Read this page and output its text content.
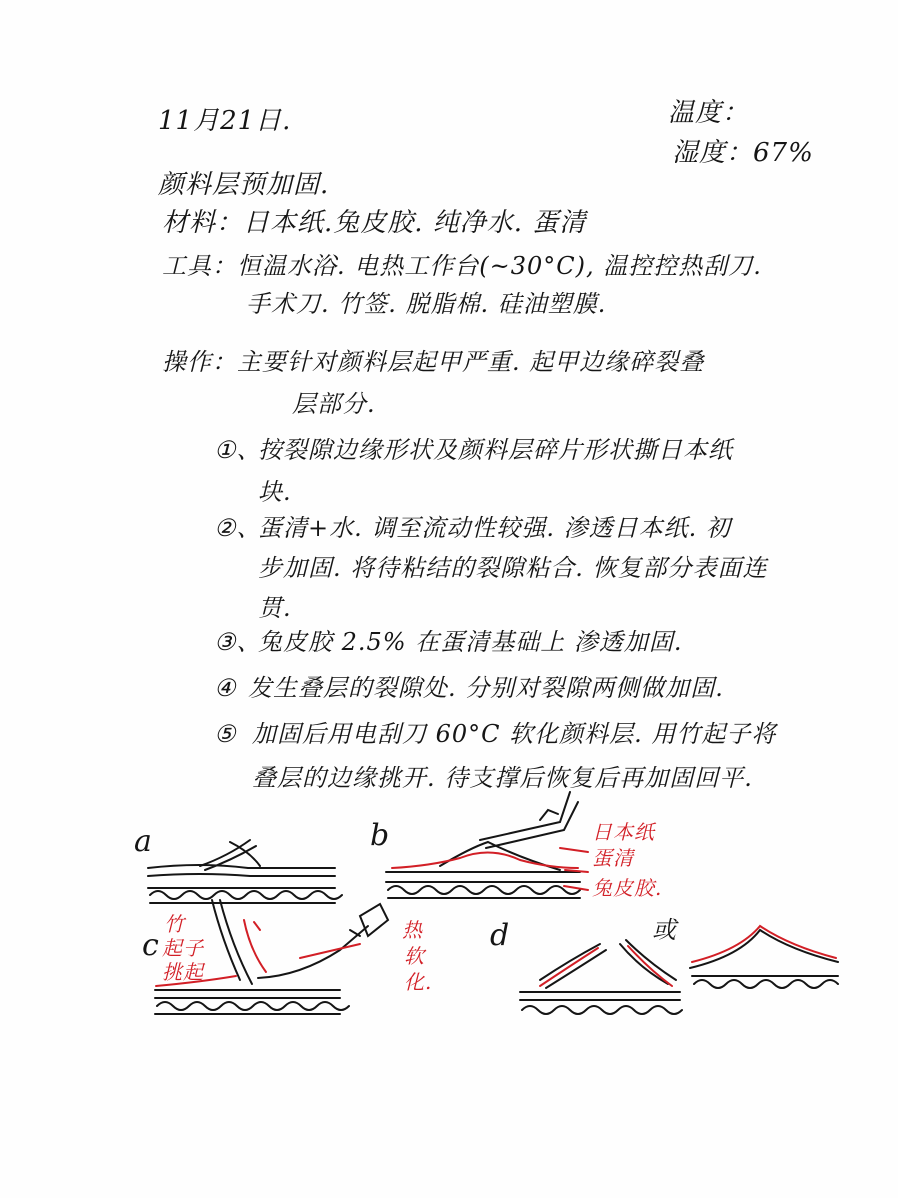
11月21日.	温度：
湿度：67%
颜料层预加固.
材料：日本纸.兔皮胶. 纯净水. 蛋清
工具：恒温水浴. 电热工作台(~30°C), 温控控热刮刀.
手术刀. 竹签. 脱脂棉. 硅油塑膜.
操作：主要针对颜料层起甲严重. 起甲边缘碎裂叠
层部分.
①、
按裂隙边缘形状及颜料层碎片形状撕日本纸
块.
②、
蛋清+水. 调至流动性较强. 渗透日本纸. 初
步加固. 将待粘结的裂隙粘合. 恢复部分表面连
贯.
③、
兔皮胶 2.5% 在蛋清基础上 渗透加固.
④ 发生叠层的裂隙处. 分别对裂隙两侧做加固.
⑤ 加固后用电刮刀 60°C 软化颜料层. 用竹起子将
叠层的边缘挑开. 待支撑后恢复后再加固回平.
a	b
c	d	或
日本纸
蛋清
兔皮胶.
竹
起子
挑起
热
软
化.
